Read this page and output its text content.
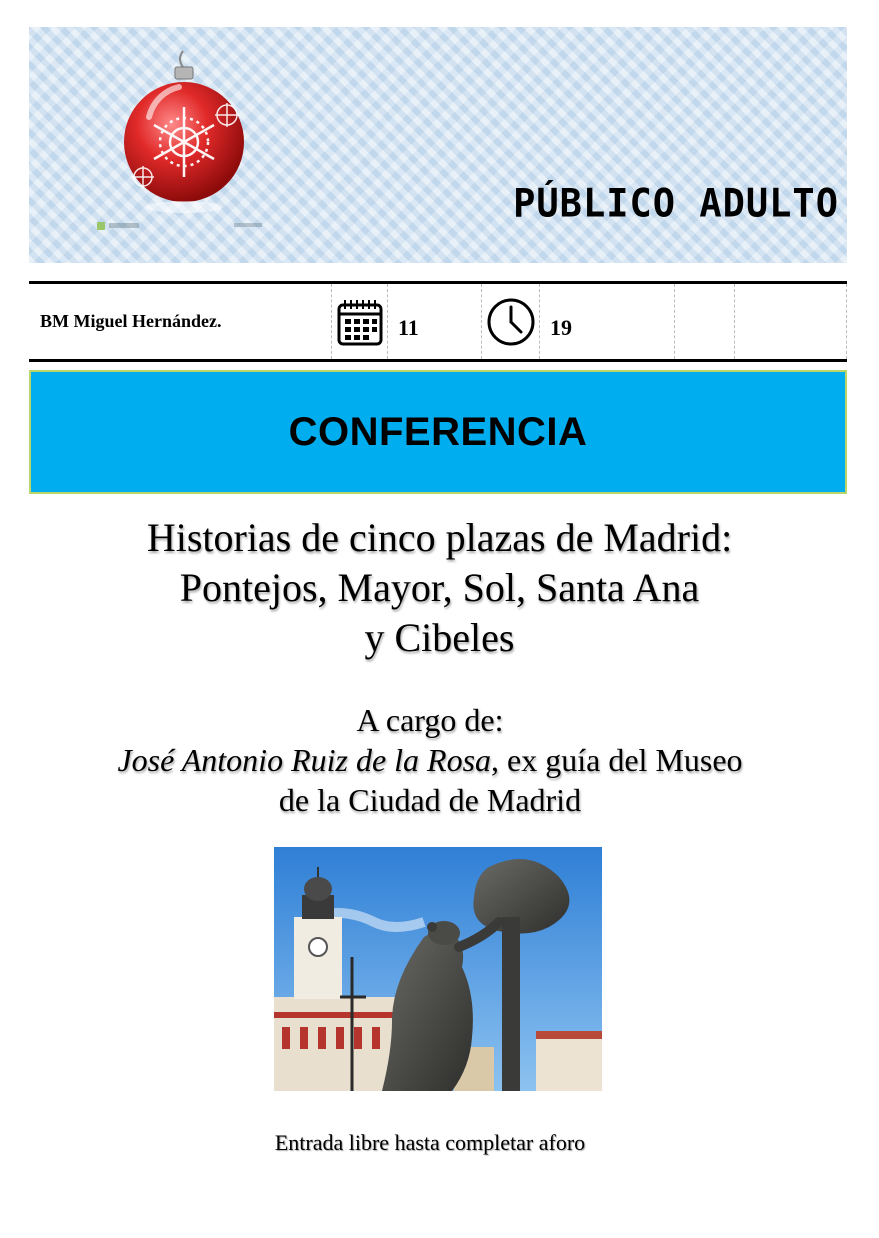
PÚBLICO ADULTO
BM Miguel Hernández.	11	19
CONFERENCIA
Historias de cinco plazas de Madrid:
Pontejos, Mayor, Sol, Santa Ana
y Cibeles
A cargo de:
José Antonio Ruiz de la Rosa, ex guía del Museo
de la Ciudad de Madrid
Entrada libre hasta completar aforo
